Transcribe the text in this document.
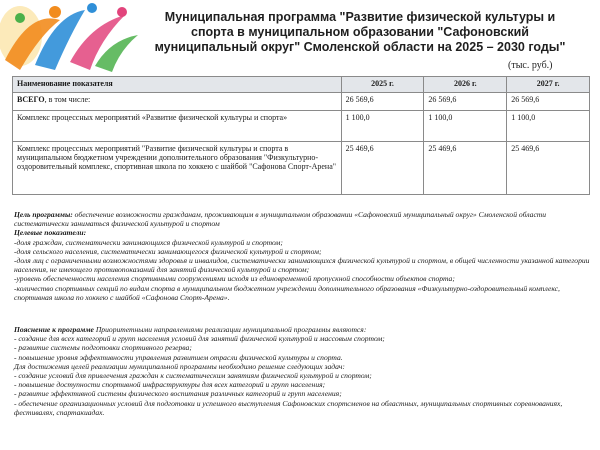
Муниципальная программа "Развитие физической культуры и спорта в муниципальном образовании "Сафоновский муниципальный округ" Смоленской области на 2025 – 2030 годы"
(тыс. руб.)
Наименование показателя	2025 г.	2026 г.	2027 г.
ВСЕГО, в том числе:	26 569,6	26 569,6	26 569,6
Комплекс процессных мероприятий «Развитие физической культуры и спорта»	1 100,0	1 100,0	1 100,0
Комплекс процессных мероприятий "Развитие физической культуры и спорта в муниципальном бюджетном учреждении дополнительного образования "Физкультурно-оздоровительный комплекс, спортивная школа по хоккею с шайбой "Сафонова Спорт-Арена"	25 469,6	25 469,6	25 469,6

Цель программы: обеспечение возможности гражданам, проживающим в муниципальном образовании «Сафоновский муниципальный округ» Смоленской области систематически заниматься физической культурой и спортом

Целевые показатели:

-доля граждан, систематически занимающихся физической культурой и спортом;

-доля сельского населения, систематически занимающегося физической культурой и спортом;

-доля лиц с ограниченными возможностями здоровья и инвалидов, систематически занимающихся физической культурой и спортом, в общей численности указанной категории населения, не имеющего противопоказаний для занятий физической культурой и спортом;

-уровень обеспеченности населения спортивными сооружениями исходя из единовременной пропускной способности объектов спорта;

-количество спортивных секций по видам спорта в муниципальном бюджетном учреждении дополнительного образования «Физкультурно-оздоровительный комплекс, спортивная школа по хоккею с шайбой «Сафонова Спорт-Арена».

Пояснение к программе Приоритетными направлениями реализации муниципальной программы являются:

- создание для всех категорий и групп населения условий для занятий физической культурой и массовым спортом;

- развитие системы подготовки спортивного резерва;

- повышение уровня эффективности управления развитием отрасли физической культуры и спорта.

Для достижения целей реализации муниципальной программы необходимо решение следующих задач:

- создание условий для привлечения граждан к систематическим занятиям физической культурой и спортом;

- повышение доступности спортивной инфраструктуры для всех категорий и групп населения;

- развитие эффективной системы физического воспитания различных категорий и групп населения;

- обеспечение организационных условий для подготовки и успешного выступления Сафоновских спортсменов на областных, муниципальных спортивных соревнованиях, фестивалях, спартакиадах.
